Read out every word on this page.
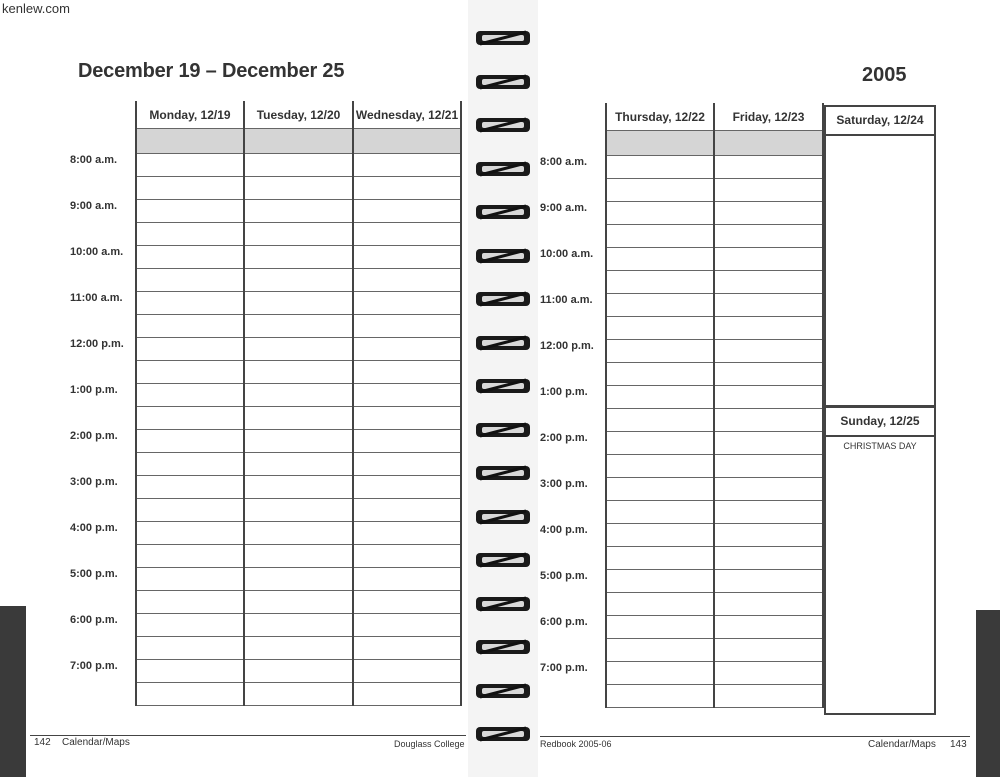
kenlew.com
December 19 – December 25	2005
	Monday, 12/19	Tuesday, 12/20	Wednesday, 12/21

8:00 a.m.			

9:00 a.m.			

10:00 a.m.			

11:00 a.m.			

12:00 p.m.			

1:00 p.m.			

2:00 p.m.			

3:00 p.m.			

4:00 p.m.			

5:00 p.m.			

6:00 p.m.			

7:00 p.m.			

	Thursday, 12/22	Friday, 12/23

8:00 a.m.		

9:00 a.m.		

10:00 a.m.		

11:00 a.m.		

12:00 p.m.		

1:00 p.m.		

2:00 p.m.		

3:00 p.m.		

4:00 p.m.		

5:00 p.m.		

6:00 p.m.		

7:00 p.m.		

Saturday, 12/24
Sunday, 12/25
CHRISTMAS DAY
142 Calendar/Maps	Douglass College	Redbook 2005-06	Calendar/Maps 143
